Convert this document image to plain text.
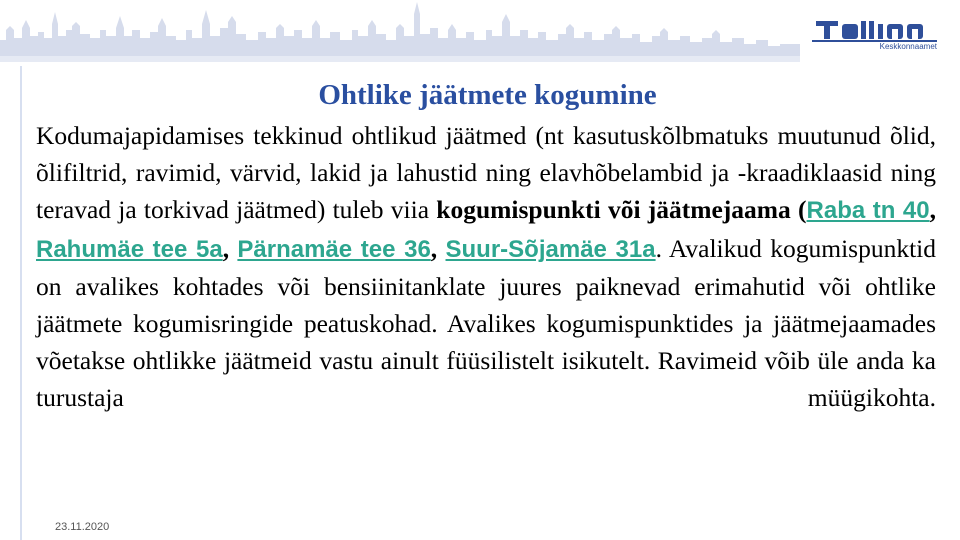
Keskkonnaamet
Ohtlike jäätmete kogumine
Kodumajapidamises tekkinud ohtlikud jäätmed (nt kasutuskõlbmatuks muutunud õlid, õlifiltrid, ravimid, värvid, lakid ja lahustid ning elavhõbelambid ja -kraadiklaasid ning teravad ja torkivad jäätmed) tuleb viia kogumispunkti või jäätmejaama (Raba tn 40, Rahumäe tee 5a, Pärnamäe tee 36, Suur-Sõjamäe 31a. Avalikud kogumispunktid on avalikes kohtades või bensiinitanklate juures paiknevad erimahutid või ohtlike jäätmete kogumisringide peatuskohad. Avalikes kogumispunktides ja jäätmejaamades võetakse ohtlikke jäätmeid vastu ainult füüsilistelt isikutelt. Ravimeid võib üle anda ka turustaja müügikohta.
23.11.2020
